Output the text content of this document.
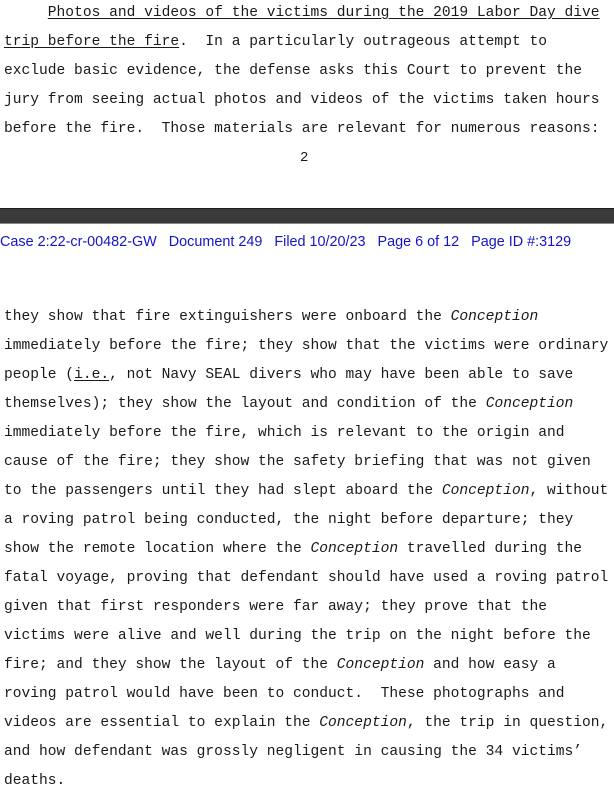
Photos and videos of the victims during the 2019 Labor Day dive
trip before the fire.  In a particularly outrageous attempt to
exclude basic evidence, the defense asks this Court to prevent the
jury from seeing actual photos and videos of the victims taken hours
before the fire.  Those materials are relevant for numerous reasons:
2
Case 2:22-cr-00482-GW   Document 249   Filed 10/20/23   Page 6 of 12   Page ID #:3129
they show that fire extinguishers were onboard the Conception
immediately before the fire; they show that the victims were ordinary
people (i.e., not Navy SEAL divers who may have been able to save
themselves); they show the layout and condition of the Conception
immediately before the fire, which is relevant to the origin and
cause of the fire; they show the safety briefing that was not given
to the passengers until they had slept aboard the Conception, without
a roving patrol being conducted, the night before departure; they
show the remote location where the Conception travelled during the
fatal voyage, proving that defendant should have used a roving patrol
given that first responders were far away; they prove that the
victims were alive and well during the trip on the night before the
fire; and they show the layout of the Conception and how easy a
roving patrol would have been to conduct.  These photographs and
videos are essential to explain the Conception, the trip in question,
and how defendant was grossly negligent in causing the 34 victims’
deaths.
